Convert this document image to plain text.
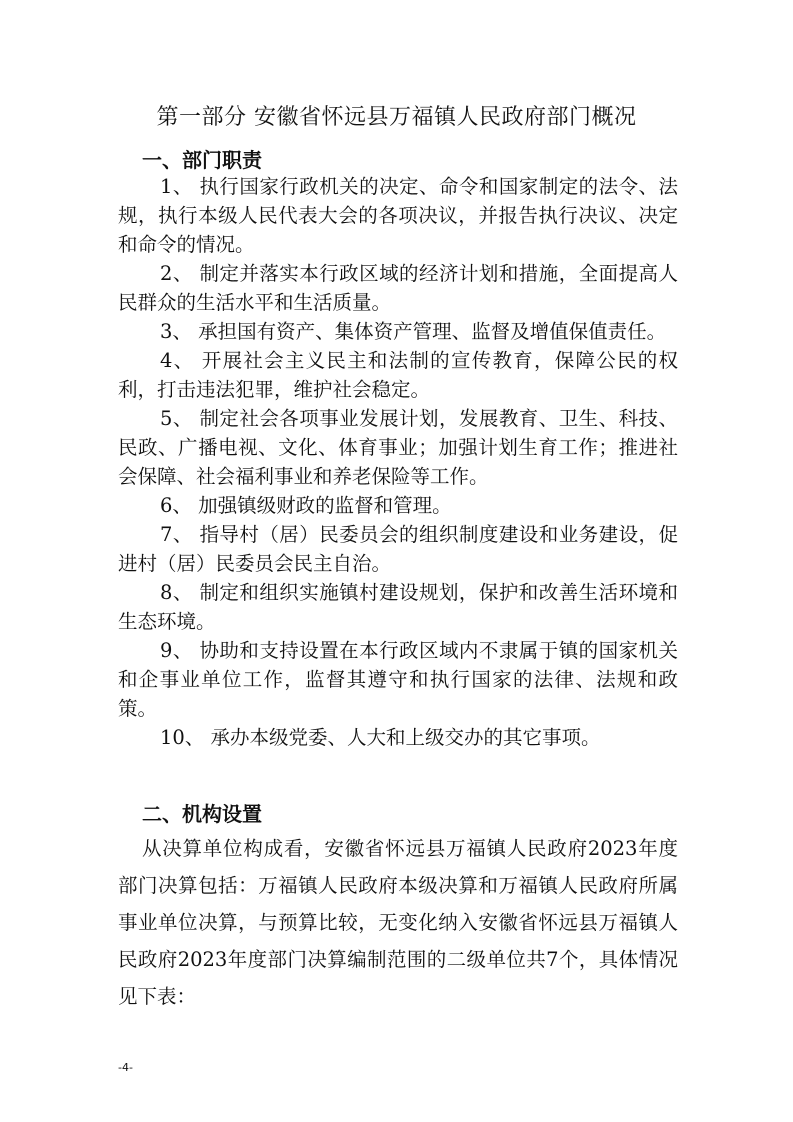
第一部分 安徽省怀远县万福镇人民政府部门概况
一、部门职责

1、 执行国家行政机关的决定、命令和国家制定的法令、法规，执行本级人民代表大会的各项决议，并报告执行决议、决定和命令的情况。

2、 制定并落实本行政区域的经济计划和措施，全面提高人民群众的生活水平和生活质量。

3、 承担国有资产、集体资产管理、监督及增值保值责任。

4、 开展社会主义民主和法制的宣传教育，保障公民的权利，打击违法犯罪，维护社会稳定。

5、 制定社会各项事业发展计划，发展教育、卫生、科技、民政、广播电视、文化、体育事业；加强计划生育工作；推进社会保障、社会福利事业和养老保险等工作。

6、 加强镇级财政的监督和管理。

7、 指导村（居）民委员会的组织制度建设和业务建设，促进村（居）民委员会民主自治。

8、 制定和组织实施镇村建设规划，保护和改善生活环境和生态环境。

9、 协助和支持设置在本行政区域内不隶属于镇的国家机关和企事业单位工作，监督其遵守和执行国家的法律、法规和政策。

10、 承办本级党委、人大和上级交办的其它事项。

二、机构设置

从决算单位构成看，安徽省怀远县万福镇人民政府2023年度部门决算包括：万福镇人民政府本级决算和万福镇人民政府所属事业单位决算，与预算比较，无变化纳入安徽省怀远县万福镇人民政府2023年度部门决算编制范围的二级单位共7个，具体情况见下表：

-4-
